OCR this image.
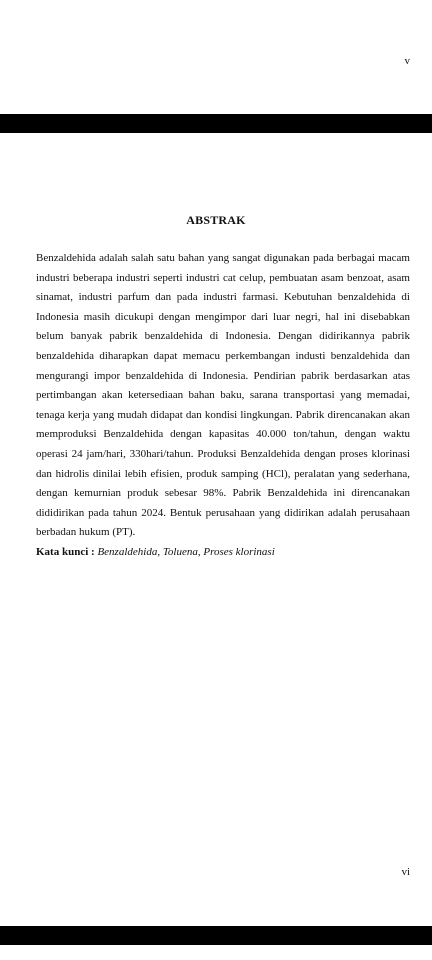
v
ABSTRAK

Benzaldehida adalah salah satu bahan yang sangat digunakan pada berbagai macam industri beberapa industri seperti industri cat celup, pembuatan asam benzoat, asam sinamat, industri parfum dan pada industri farmasi. Kebutuhan benzaldehida di Indonesia masih dicukupi dengan mengimpor dari luar negri, hal ini disebabkan belum banyak pabrik benzaldehida di Indonesia. Dengan didirikannya pabrik benzaldehida diharapkan dapat memacu perkembangan industi benzaldehida dan mengurangi impor benzaldehida di Indonesia. Pendirian pabrik berdasarkan atas pertimbangan akan ketersediaan bahan baku, sarana transportasi yang memadai, tenaga kerja yang mudah didapat dan kondisi lingkungan. Pabrik direncanakan akan memproduksi Benzaldehida dengan kapasitas 40.000 ton/tahun, dengan waktu operasi 24 jam/hari, 330hari/tahun. Produksi Benzaldehida dengan proses klorinasi dan hidrolis dinilai lebih efisien, produk samping (HCl), peralatan yang sederhana, dengan kemurnian produk sebesar 98%. Pabrik Benzaldehida ini direncanakan dididirikan pada tahun 2024. Bentuk perusahaan yang didirikan adalah perusahaan berbadan hukum (PT).

Kata kunci : Benzaldehida, Toluena, Proses klorinasi

vi
